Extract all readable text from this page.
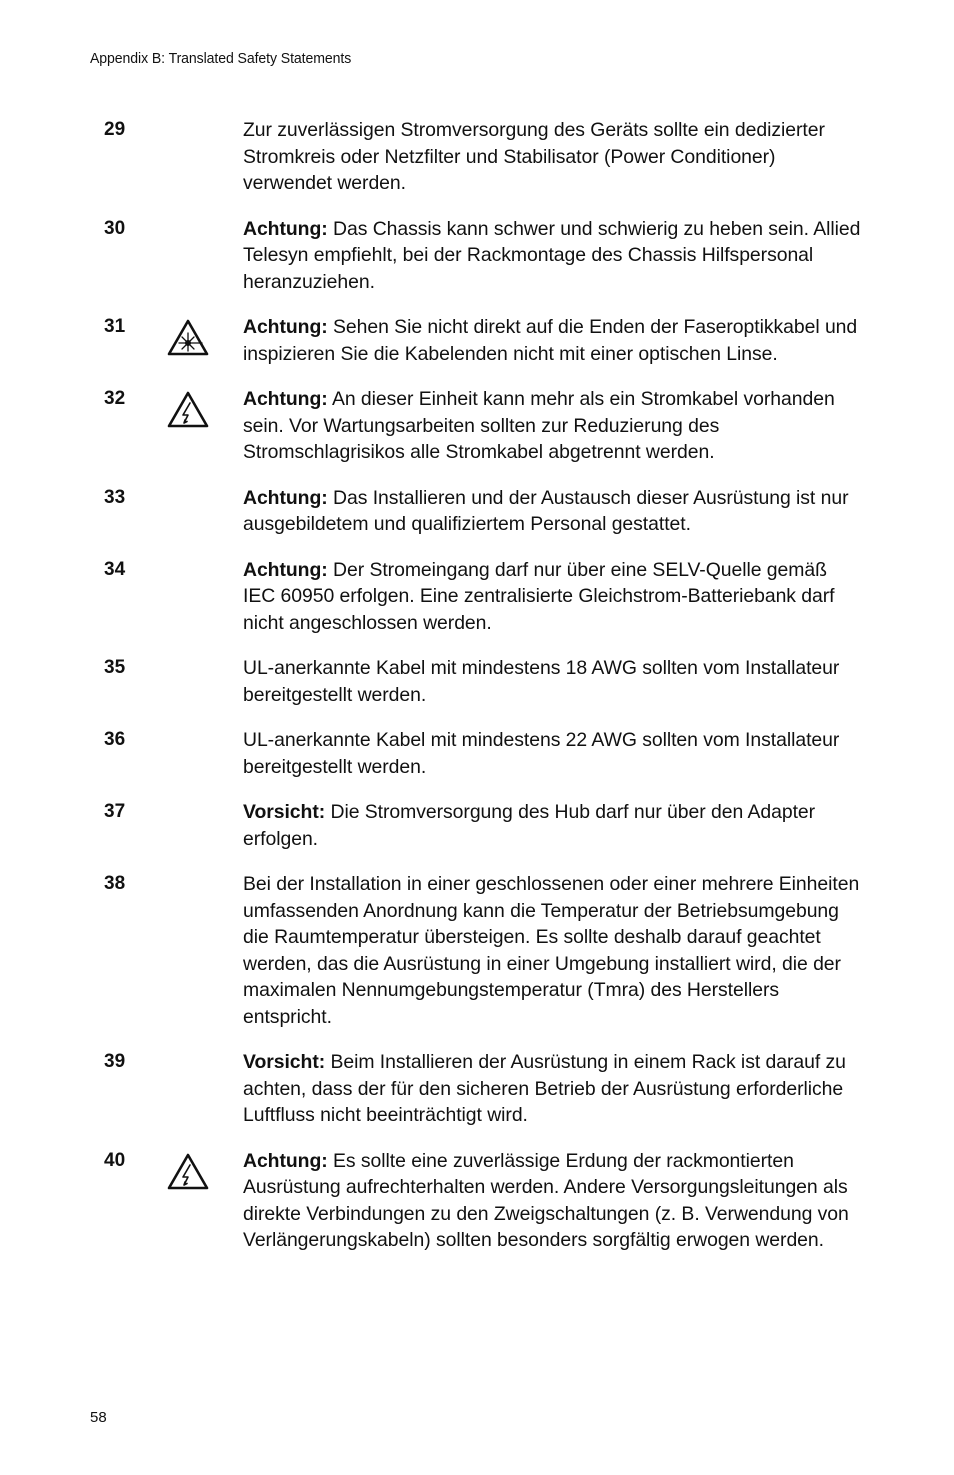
Appendix B: Translated Safety Statements
29	Zur zuverlässigen Stromversorgung des Geräts sollte ein dedizierter Stromkreis oder Netzfilter und Stabilisator (Power Conditioner) verwendet werden.
30	Achtung: Das Chassis kann schwer und schwierig zu heben sein. Allied Telesyn empfiehlt, bei der Rackmontage des Chassis Hilfspersonal heranzuziehen.
31	Achtung: Sehen Sie nicht direkt auf die Enden der Faseroptikkabel und inspizieren Sie die Kabelenden nicht mit einer optischen Linse.
32	Achtung: An dieser Einheit kann mehr als ein Stromkabel vorhanden sein. Vor Wartungsarbeiten sollten zur Reduzierung des Stromschlagrisikos alle Stromkabel abgetrennt werden.
33	Achtung: Das Installieren und der Austausch dieser Ausrüstung ist nur ausgebildetem und qualifiziertem Personal gestattet.
34	Achtung: Der Stromeingang darf nur über eine SELV-Quelle gemäß IEC 60950 erfolgen. Eine zentralisierte Gleichstrom-Batteriebank darf nicht angeschlossen werden.
35	UL-anerkannte Kabel mit mindestens 18 AWG sollten vom Installateur bereitgestellt werden.
36	UL-anerkannte Kabel mit mindestens 22 AWG sollten vom Installateur bereitgestellt werden.
37	Vorsicht: Die Stromversorgung des Hub darf nur über den Adapter erfolgen.
38	Bei der Installation in einer geschlossenen oder einer mehrere Einheiten umfassenden Anordnung kann die Temperatur der Betriebsumgebung die Raumtemperatur übersteigen. Es sollte deshalb darauf geachtet werden, das die Ausrüstung in einer Umgebung installiert wird, die der maximalen Nennumgebungstemperatur (Tmra) des Herstellers entspricht.
39	Vorsicht: Beim Installieren der Ausrüstung in einem Rack ist darauf zu achten, dass der für den sicheren Betrieb der Ausrüstung erforderliche Luftfluss nicht beeinträchtigt wird.
40	Achtung: Es sollte eine zuverlässige Erdung der rackmontierten Ausrüstung aufrechterhalten werden. Andere Versorgungsleitungen als direkte Verbindungen zu den Zweigschaltungen (z. B. Verwendung von Verlängerungskabeln) sollten besonders sorgfältig erwogen werden.
58
